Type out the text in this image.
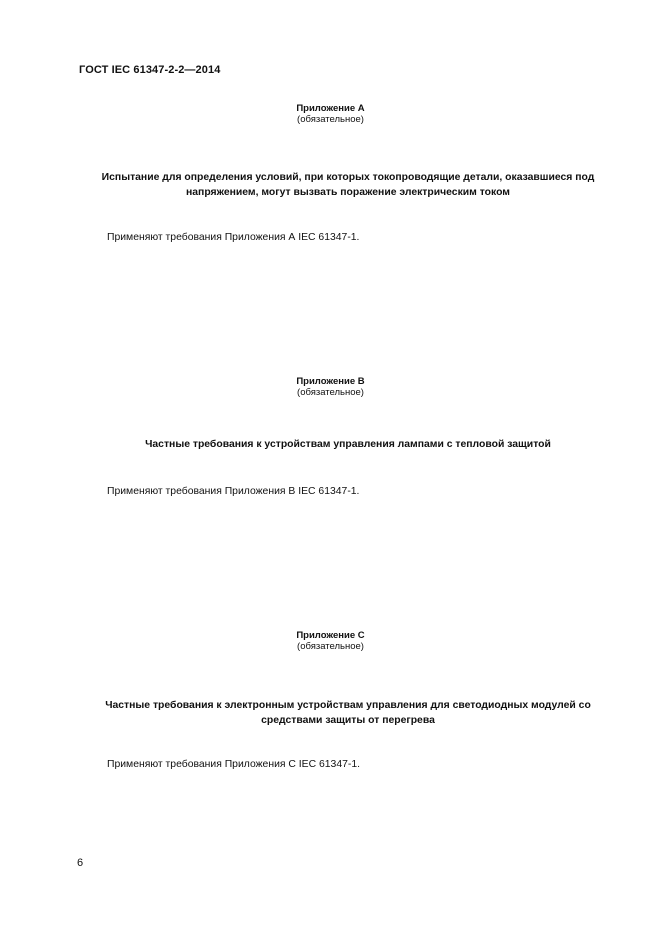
ГОСТ IEC 61347-2-2—2014
Приложение А
(обязательное)
Испытание для определения условий, при которых токопроводящие детали, оказавшиеся под напряжением, могут вызвать поражение электрическим током
Применяют требования Приложения А IEC 61347-1.
Приложение В
(обязательное)
Частные требования к устройствам управления лампами с тепловой защитой
Применяют требования Приложения В IEC 61347-1.
Приложение С
(обязательное)
Частные требования к электронным устройствам управления для светодиодных модулей со средствами защиты от перегрева
Применяют требования Приложения С IEC 61347-1.
6
